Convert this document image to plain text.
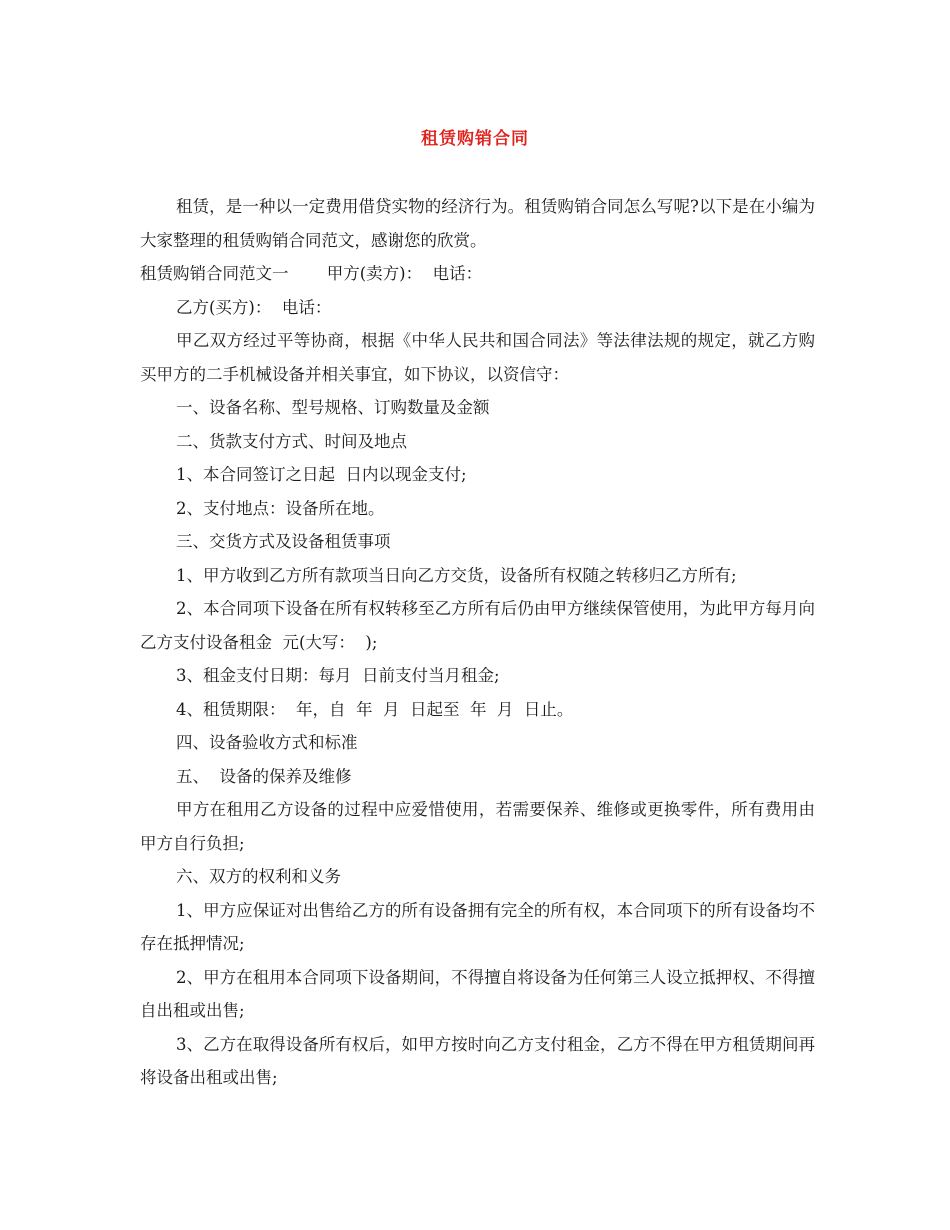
租赁购销合同

租赁，是一种以一定费用借贷实物的经济行为。租赁购销合同怎么写呢?以下是在小编为大家整理的租赁购销合同范文，感谢您的欣赏。

租赁购销合同范文一　　 甲方(卖方)：  电话：

乙方(买方)：  电话：

甲乙双方经过平等协商，根据《中华人民共和国合同法》等法律法规的规定，就乙方购买甲方的二手机械设备并相关事宜，如下协议，以资信守：

一、设备名称、型号规格、订购数量及金额

二、货款支付方式、时间及地点

1、本合同签订之日起  日内以现金支付;

2、支付地点：设备所在地。

三、交货方式及设备租赁事项

1、甲方收到乙方所有款项当日向乙方交货，设备所有权随之转移归乙方所有;

2、本合同项下设备在所有权转移至乙方所有后仍由甲方继续保管使用，为此甲方每月向乙方支付设备租金  元(大写：  );

3、租金支付日期：每月  日前支付当月租金;

4、租赁期限：  年，自  年  月  日起至  年  月  日止。

四、设备验收方式和标准

五、  设备的保养及维修

甲方在租用乙方设备的过程中应爱惜使用，若需要保养、维修或更换零件，所有费用由甲方自行负担;

六、双方的权利和义务

1、甲方应保证对出售给乙方的所有设备拥有完全的所有权，本合同项下的所有设备均不存在抵押情况;

2、甲方在租用本合同项下设备期间，不得擅自将设备为任何第三人设立抵押权、不得擅自出租或出售;

3、乙方在取得设备所有权后，如甲方按时向乙方支付租金，乙方不得在甲方租赁期间再将设备出租或出售;
